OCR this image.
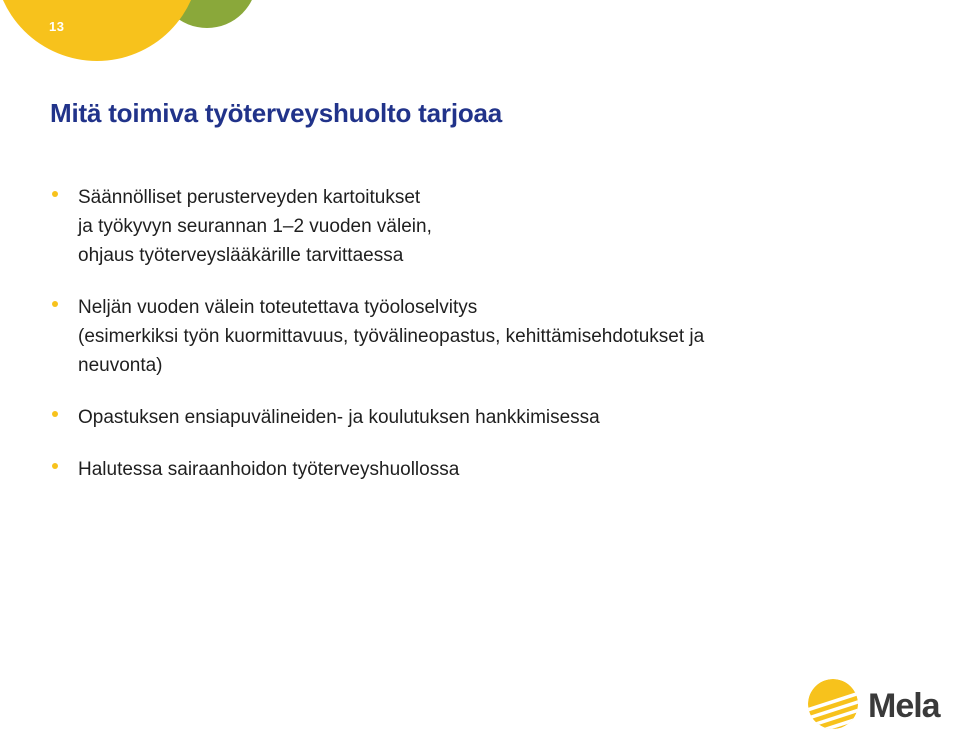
13
Mitä toimiva työterveyshuolto tarjoaa
Säännölliset perusterveyden kartoitukset
ja työkyvyn seurannan 1–2 vuoden välein,
ohjaus työterveyslääkärille tarvittaessa
Neljän vuoden välein toteutettava työoloselvitys
(esimerkiksi työn kuormittavuus, työvälineopastus, kehittämisehdotukset ja
neuvonta)
Opastuksen ensiapuvälineiden- ja koulutuksen hankkimisessa
Halutessa sairaanhoidon työterveyshuollossa
Mela
